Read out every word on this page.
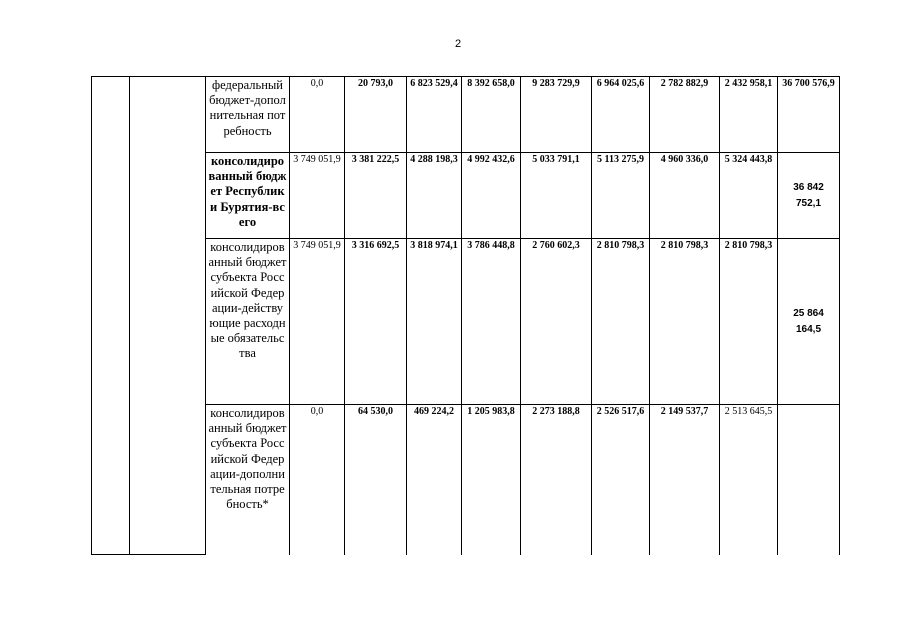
2
		федеральный бюджет-дополнительная потребность	0,0	20 793,0	6 823 529,4	8 392 658,0	9 283 729,9	6 964 025,6	2 782 882,9	2 432 958,1	36 700 576,9
		консолидированный бюджет Республики Бурятия-всего	3 749 051,9	3 381 222,5	4 288 198,3	4 992 432,6	5 033 791,1	5 113 275,9	4 960 336,0	5 324 443,8	36 842 752,1
		консолидированный бюджет субъекта Российской Федерации-действующие расходные обязательства	3 749 051,9	3 316 692,5	3 818 974,1	3 786 448,8	2 760 602,3	2 810 798,3	2 810 798,3	2 810 798,3	25 864 164,5
		консолидированный бюджет субъекта Российской Федерации-дополнительная потребность*	0,0	64 530,0	469 224,2	1 205 983,8	2 273 188,8	2 526 517,6	2 149 537,7	2 513 645,5	
